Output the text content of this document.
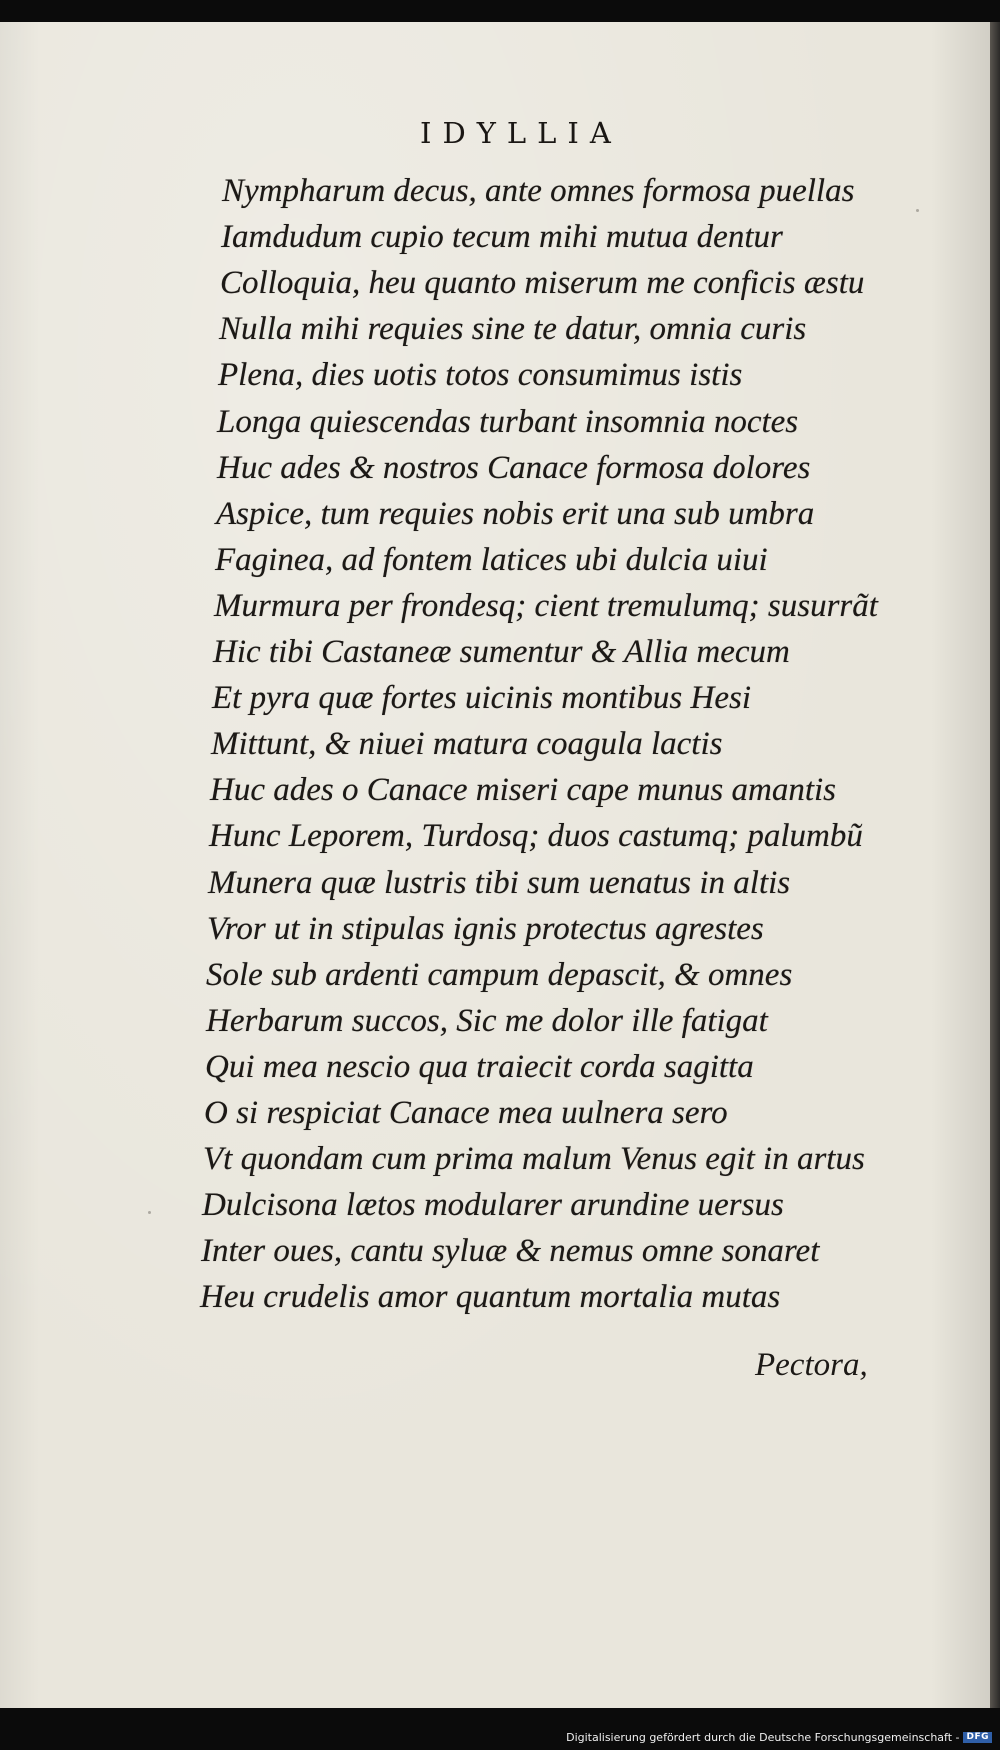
IDYLLIA
Nympharum decus, ante omnes formosa puellas
Iamdudum cupio tecum mihi mutua dentur
Colloquia, heu quanto miserum me conficis æstu
Nulla mihi requies sine te datur, omnia curis
Plena, dies uotis totos consumimus istis
Longa quiescendas turbant insomnia noctes
Huc ades & nostros Canace formosa dolores
Aspice, tum requies nobis erit una sub umbra
Faginea, ad fontem latices ubi dulcia uiui
Murmura per frondesq; cient tremulumq; susurrãt
Hic tibi Castaneæ sumentur & Allia mecum
Et pyra quæ fortes uicinis montibus Hesi
Mittunt, & niuei matura coagula lactis
Huc ades o Canace miseri cape munus amantis
Hunc Leporem, Turdosq; duos castumq; palumbũ
Munera quæ lustris tibi sum uenatus in altis
Vror ut in stipulas ignis protectus agrestes
Sole sub ardenti campum depascit, & omnes
Herbarum succos, Sic me dolor ille fatigat
Qui mea nescio qua traiecit corda sagitta
O si respiciat Canace mea uulnera sero
Vt quondam cum prima malum Venus egit in artus
Dulcisona lætos modularer arundine uersus
Inter oues, cantu syluæ & nemus omne sonaret
Heu crudelis amor quantum mortalia mutas
Pectora,
Digitalisierung gefördert durch die Deutsche Forschungsgemeinschaft - DFG
